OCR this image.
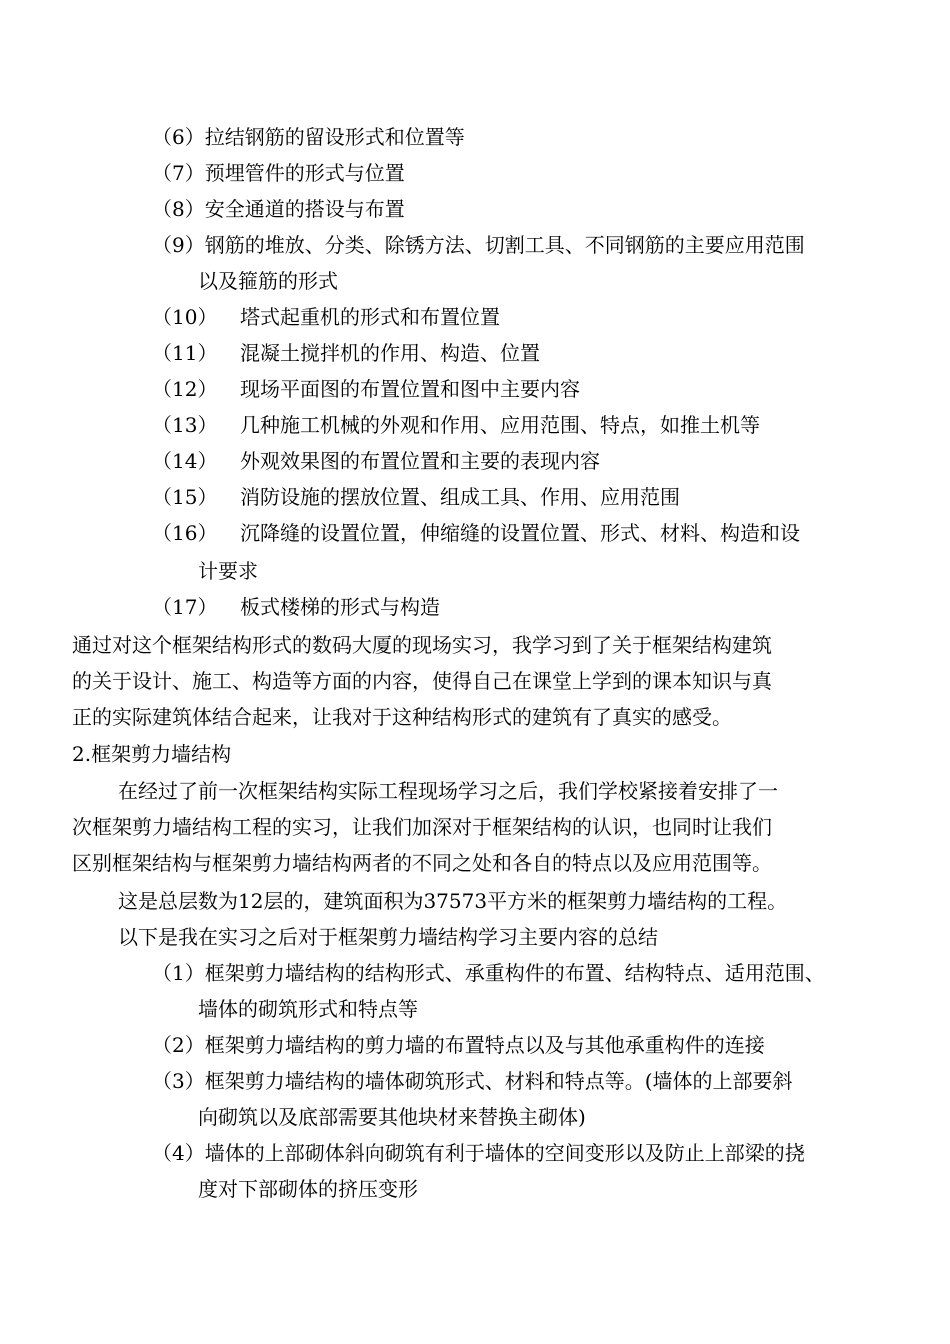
（6）拉结钢筋的留设形式和位置等
（7）预埋管件的形式与位置
（8）安全通道的搭设与布置
（9）钢筋的堆放、分类、除锈方法、切割工具、不同钢筋的主要应用范围
以及箍筋的形式
（10） 塔式起重机的形式和布置位置
（11） 混凝土搅拌机的作用、构造、位置
（12） 现场平面图的布置位置和图中主要内容
（13） 几种施工机械的外观和作用、应用范围、特点，如推土机等
（14） 外观效果图的布置位置和主要的表现内容
（15） 消防设施的摆放位置、组成工具、作用、应用范围
（16） 沉降缝的设置位置，伸缩缝的设置位置、形式、材料、构造和设
计要求
（17） 板式楼梯的形式与构造
通过对这个框架结构形式的数码大厦的现场实习，我学习到了关于框架结构建筑
的关于设计、施工、构造等方面的内容，使得自己在课堂上学到的课本知识与真
正的实际建筑体结合起来，让我对于这种结构形式的建筑有了真实的感受。
2.框架剪力墙结构
在经过了前一次框架结构实际工程现场学习之后，我们学校紧接着安排了一
次框架剪力墙结构工程的实习，让我们加深对于框架结构的认识，也同时让我们
区别框架结构与框架剪力墙结构两者的不同之处和各自的特点以及应用范围等。
这是总层数为12层的，建筑面积为37573平方米的框架剪力墙结构的工程。
以下是我在实习之后对于框架剪力墙结构学习主要内容的总结
（1）框架剪力墙结构的结构形式、承重构件的布置、结构特点、适用范围、
墙体的砌筑形式和特点等
（2）框架剪力墙结构的剪力墙的布置特点以及与其他承重构件的连接
（3）框架剪力墙结构的墙体砌筑形式、材料和特点等。(墙体的上部要斜
向砌筑以及底部需要其他块材来替换主砌体)
（4）墙体的上部砌体斜向砌筑有利于墙体的空间变形以及防止上部梁的挠
度对下部砌体的挤压变形
